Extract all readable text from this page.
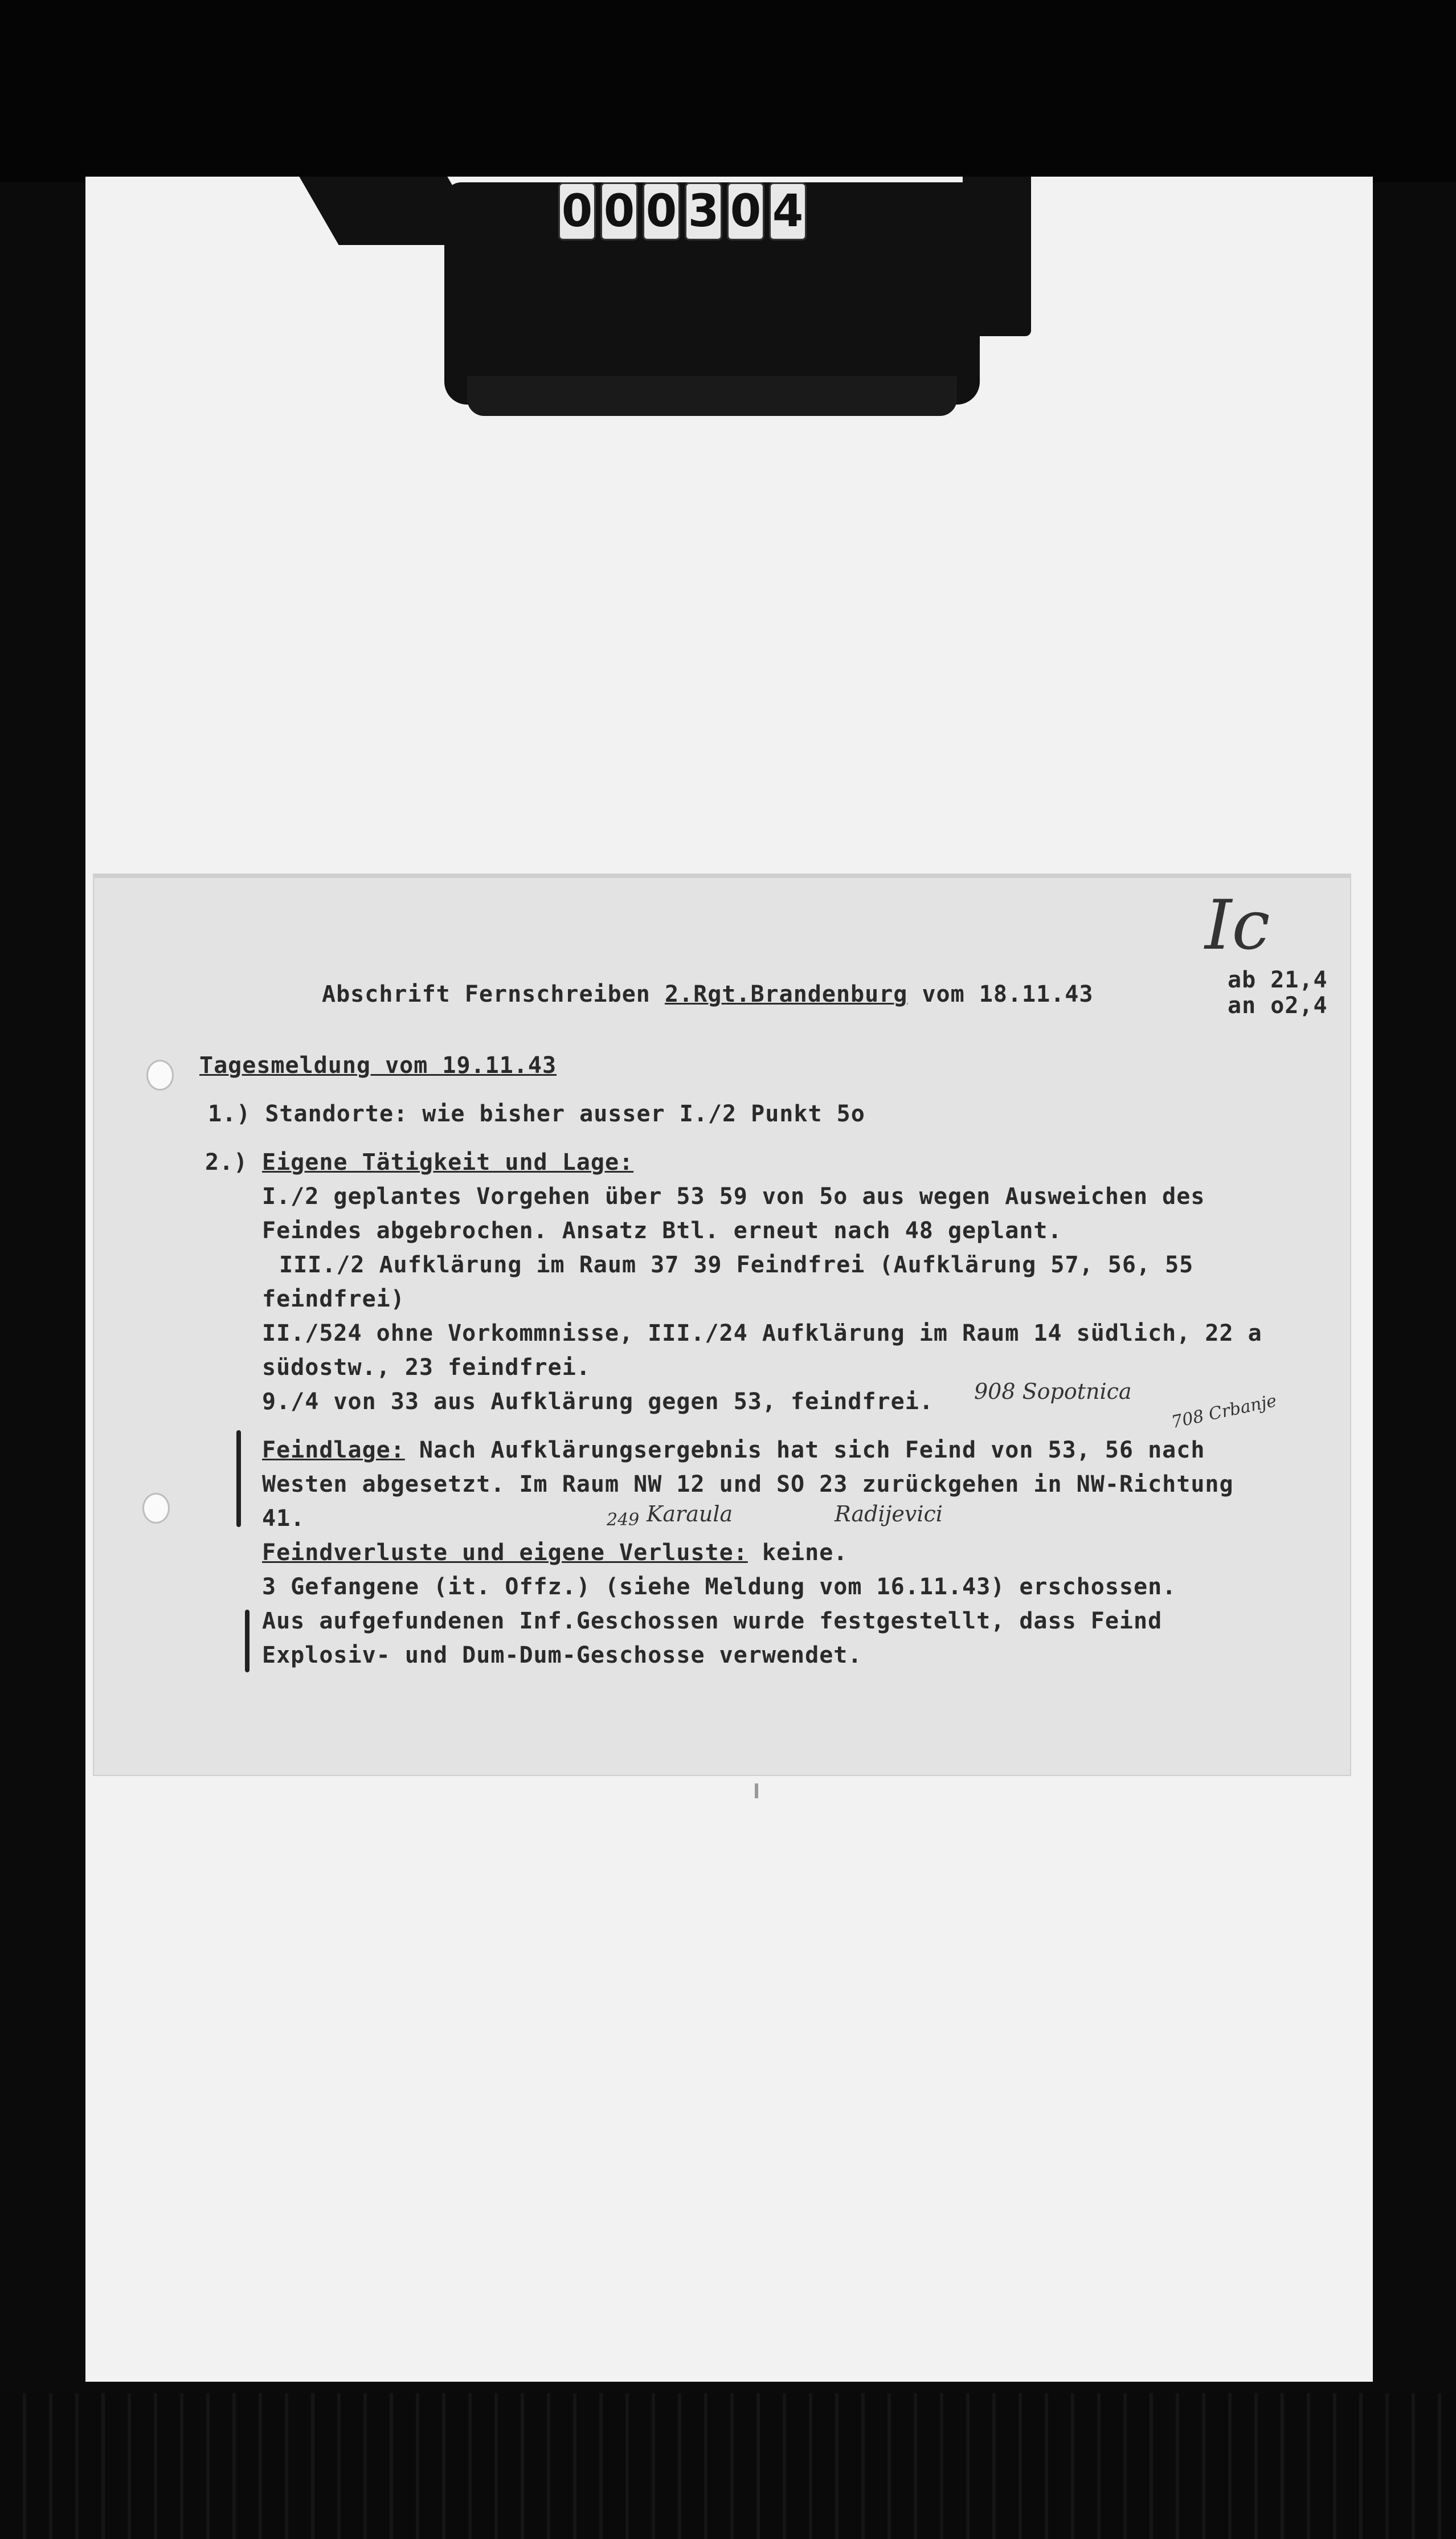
0 0 0 3 0 4
Ic
Abschrift Fernschreiben 2.Rgt.Brandenburg vom 18.11.43
ab 21,4
an o2,4
Tagesmeldung vom 19.11.43
1.) Standorte: wie bisher ausser I./2 Punkt 5o
2.) Eigene Tätigkeit und Lage:
I./2 geplantes Vorgehen über 53 59 von 5o aus wegen Ausweichen des
Feindes abgebrochen. Ansatz Btl. erneut nach 48 geplant.
III./2 Aufklärung im Raum 37 39 Feindfrei (Aufklärung 57, 56, 55
feindfrei)
II./524 ohne Vorkommnisse, III./24 Aufklärung im Raum 14 südlich, 22 a
südostw., 23 feindfrei.
9./4 von 33 aus Aufklärung gegen 53, feindfrei. 908 Sopotnica 708 Crbanje
Feindlage: Nach Aufklärungsergebnis hat sich Feind von 53, 56 nach
Westen abgesetzt. Im Raum NW 12 und SO 23 zurückgehen in NW-Richtung
41.	249 Karaula	Radijevici
Feindverluste und eigene Verluste: keine.
3 Gefangene (it. Offz.) (siehe Meldung vom 16.11.43) erschossen.
Aus aufgefundenen Inf.Geschossen wurde festgestellt, dass Feind
Explosiv- und Dum-Dum-Geschosse verwendet.
